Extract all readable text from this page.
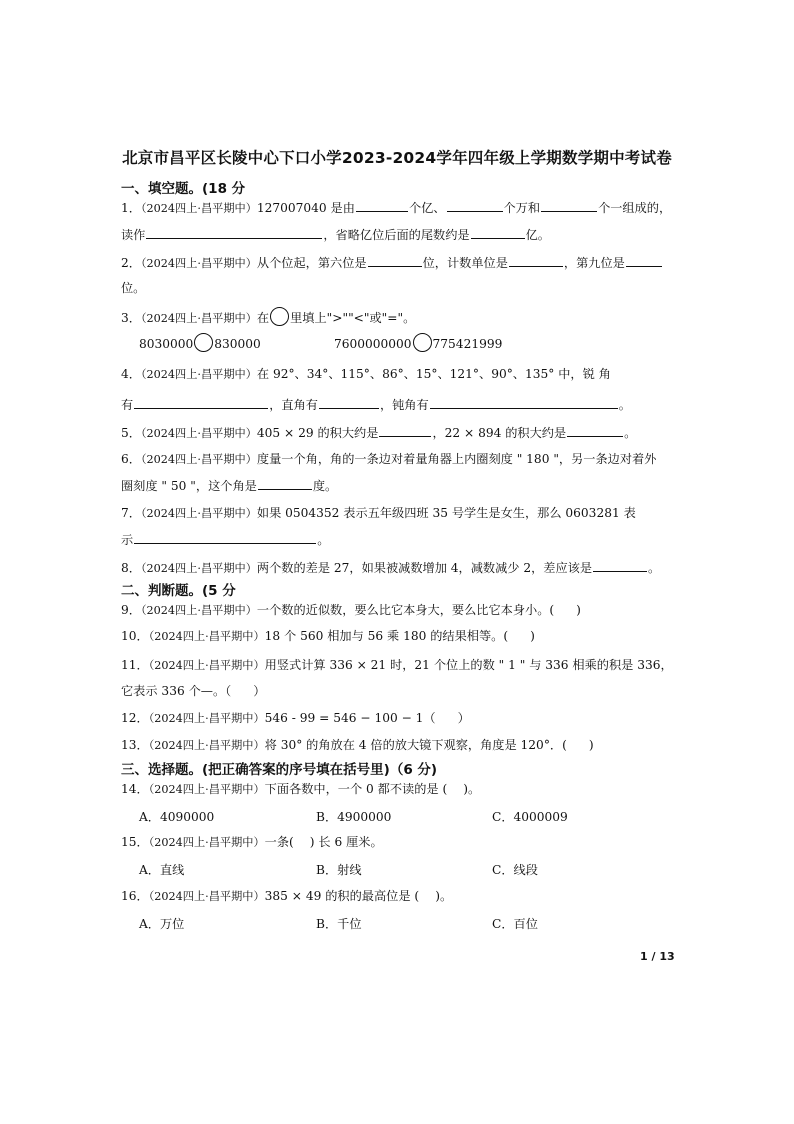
北京市昌平区长陵中心下口小学2023-2024学年四年级上学期数学期中考试卷
一、填空题。(18 分
1．（2024四上·昌平期中）127007040 是由	个亿、	个万和	个一组成的，
读作	，省略亿位后面的尾数约是	亿。
2．（2024四上·昌平期中）从个位起，第六位是	位，计数单位是	，第九位是
位。
3．（2024四上·昌平期中）在 里填上">""<"或"="。
8030000 830000	7600000000 775421999
4．（2024四上·昌平期中）在 92°、34°、115°、86°、15°、121°、90°、135° 中，锐 角
有	，直角有	，钝角有	。
5．（2024四上·昌平期中）405 × 29 的积大约是	，22 × 894 的积大约是	。
6．（2024四上·昌平期中）度量一个角，角的一条边对着量角器上内圈刻度 " 180 "，另一条边对着外
圈刻度 " 50 "，这个角是	度。
7．（2024四上·昌平期中）如果 0504352 表示五年级四班 35 号学生是女生，那么 0603281 表
示	。
8．（2024四上·昌平期中）两个数的差是 27，如果被减数增加 4，减数减少 2，差应该是	。
二、判断题。(5 分
9．（2024四上·昌平期中）一个数的近似数，要么比它本身大，要么比它本身小。( )
10．（2024四上·昌平期中）18 个 560 相加与 56 乘 180 的结果相等。( )
11．（2024四上·昌平期中）用竖式计算 336 × 21 时，21 个位上的数 " 1 " 与 336 相乘的积是 336，
它表示 336 个—。（ ）
12．（2024四上·昌平期中）546 - 99 = 546 − 100 − 1（ ）
13．（2024四上·昌平期中）将 30° 的角放在 4 倍的放大镜下观察，角度是 120°．( )
三、选择题。(把正确答案的序号填在括号里)（6 分)
14．（2024四上·昌平期中）下面各数中，一个 0 都不读的是 ( )。
A．4090000	B．4900000	C．4000009
15．（2024四上·昌平期中）一条( ) 长 6 厘米。
A．直线	B．射线	C．线段
16．（2024四上·昌平期中）385 × 49 的积的最高位是 ( )。
A．万位	B．千位	C．百位
1 / 13
